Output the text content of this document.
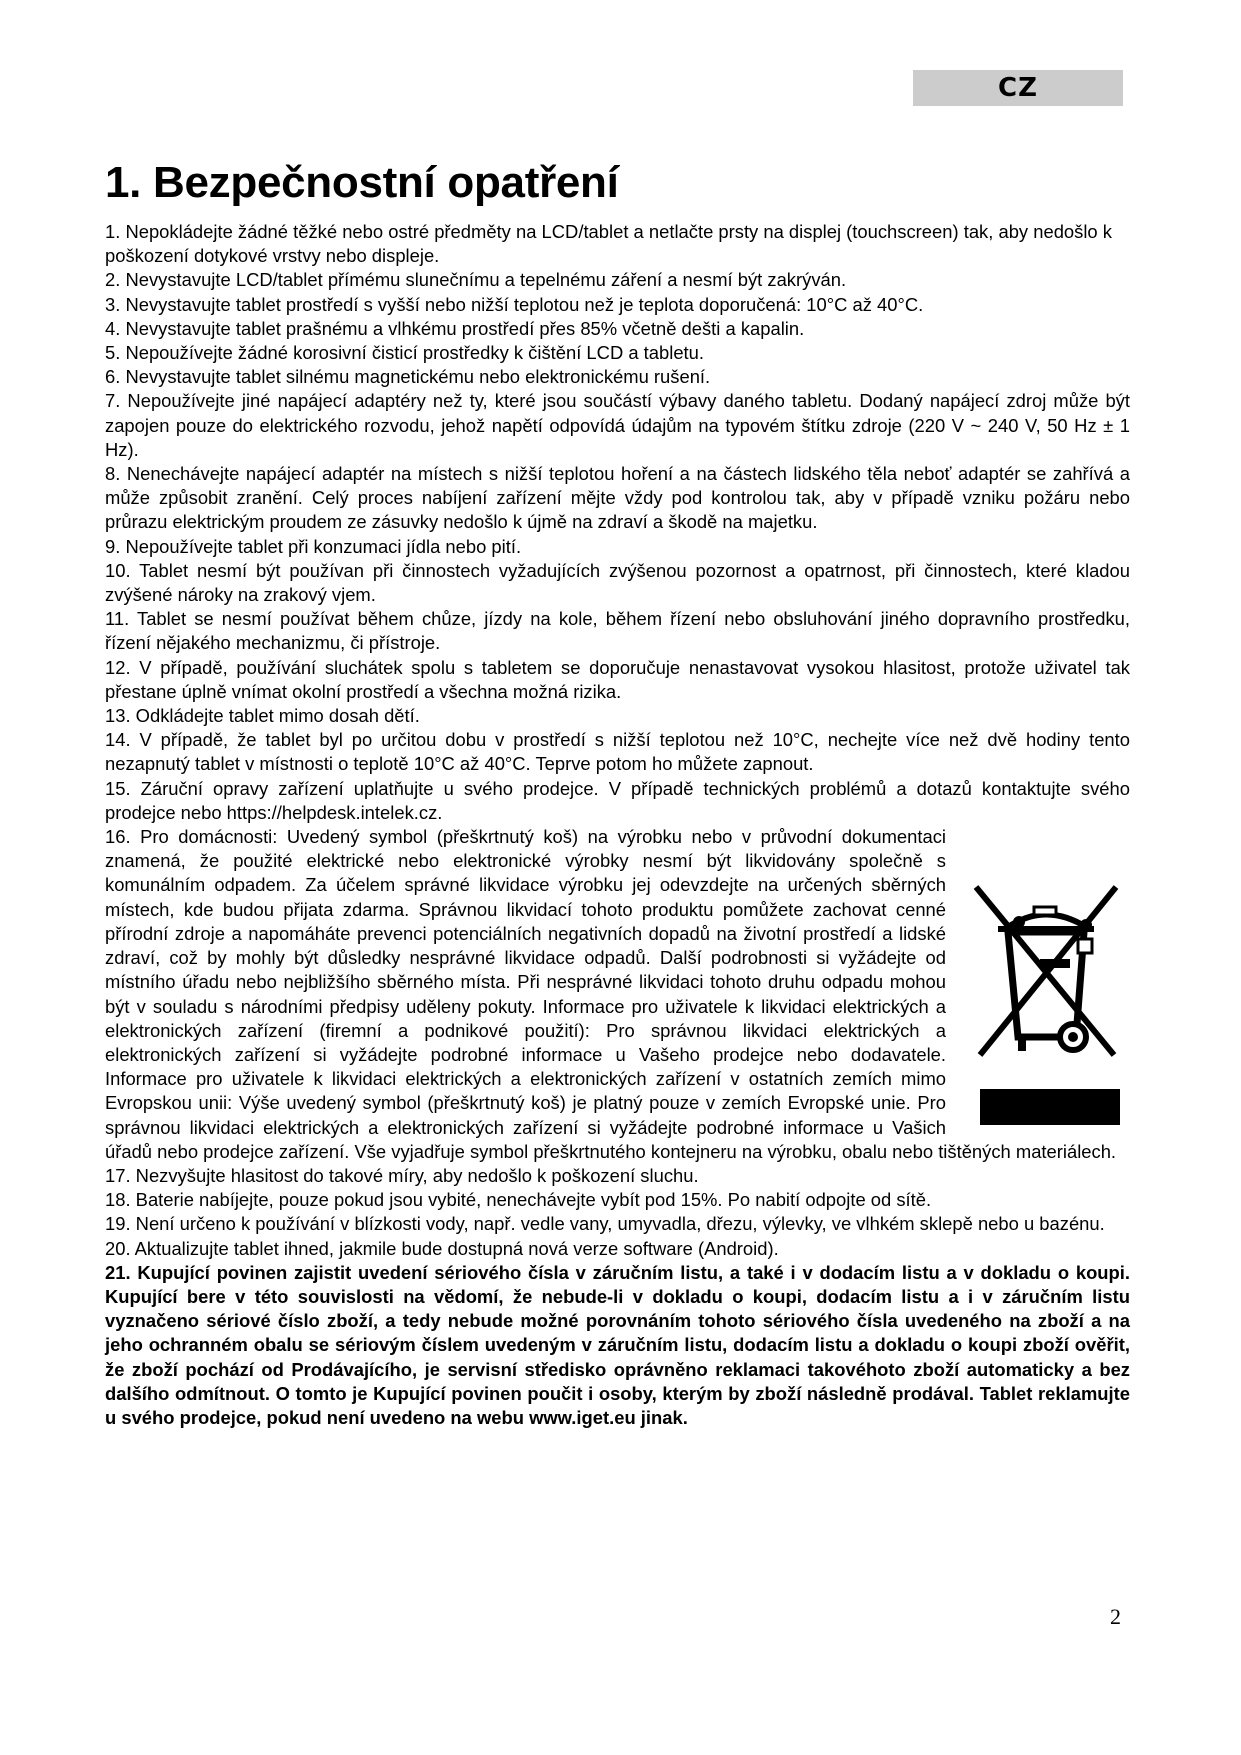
CZ
1. Bezpečnostní opatření

1. Nepokládejte žádné těžké nebo ostré předměty na LCD/tablet a netlačte prsty na displej (touchscreen) tak, aby nedošlo k poškození dotykové vrstvy nebo displeje.

2. Nevystavujte LCD/tablet přímému slunečnímu a tepelnému záření a nesmí být zakrýván.

3. Nevystavujte tablet prostředí s vyšší nebo nižší teplotou než je teplota doporučená: 10°C až 40°C.

4. Nevystavujte tablet prašnému a vlhkému prostředí přes 85% včetně dešti a kapalin.

5. Nepoužívejte žádné korosivní čisticí prostředky k čištění LCD a tabletu.

6. Nevystavujte tablet silnému magnetickému nebo elektronickému rušení.

7. Nepoužívejte jiné napájecí adaptéry než ty, které jsou součástí výbavy daného tabletu. Dodaný napájecí zdroj může být zapojen pouze do elektrického rozvodu, jehož napětí odpovídá údajům na typovém štítku zdroje (220 V ~ 240 V, 50 Hz ± 1 Hz).

8. Nenechávejte napájecí adaptér na místech s nižší teplotou hoření a na částech lidského těla neboť adaptér se zahřívá a může způsobit zranění. Celý proces nabíjení zařízení mějte vždy pod kontrolou tak, aby v případě vzniku požáru nebo průrazu elektrickým proudem ze zásuvky nedošlo k újmě na zdraví a škodě na majetku.

9. Nepoužívejte tablet při konzumaci jídla nebo pití.

10. Tablet nesmí být používan při činnostech vyžadujících zvýšenou pozornost a opatrnost, při činnostech, které kladou zvýšené nároky na zrakový vjem.

11. Tablet se nesmí používat během chůze, jízdy na kole, během řízení nebo obsluhování jiného dopravního prostředku, řízení nějakého mechanizmu, či přístroje.

12. V případě, používání sluchátek spolu s tabletem se doporučuje nenastavovat vysokou hlasitost, protože uživatel tak přestane úplně vnímat okolní prostředí a všechna možná rizika.

13. Odkládejte tablet mimo dosah dětí.

14. V případě, že tablet byl po určitou dobu v prostředí s nižší teplotou než 10°C, nechejte více než dvě hodiny tento nezapnutý tablet v místnosti o teplotě 10°C až 40°C. Teprve potom ho můžete zapnout.

15. Záruční opravy zařízení uplatňujte u svého prodejce. V případě technických problémů a dotazů kontaktujte svého prodejce nebo https://helpdesk.intelek.cz.

16. Pro domácnosti: Uvedený symbol (přeškrtnutý koš) na výrobku nebo v průvodní dokumentaci znamená, že použité elektrické nebo elektronické výrobky nesmí být likvidovány společně s komunálním odpadem. Za účelem správné likvidace výrobku jej odevzdejte na určených sběrných místech, kde budou přijata zdarma. Správnou likvidací tohoto produktu pomůžete zachovat cenné přírodní zdroje a napomáháte prevenci potenciálních negativních dopadů na životní prostředí a lidské zdraví, což by mohly být důsledky nesprávné likvidace odpadů. Další podrobnosti si vyžádejte od místního úřadu nebo nejbližšího sběrného místa. Při nesprávné likvidaci tohoto druhu odpadu mohou být v souladu s národními předpisy uděleny pokuty. Informace pro uživatele k likvidaci elektrických a elektronických zařízení (firemní a podnikové použití): Pro správnou likvidaci elektrických a elektronických zařízení si vyžádejte podrobné informace u Vašeho prodejce nebo dodavatele. Informace pro uživatele k likvidaci elektrických a elektronických zařízení v ostatních zemích mimo Evropskou unii: Výše uvedený symbol (přeškrtnutý koš) je platný pouze v zemích Evropské unie. Pro správnou likvidaci elektrických a elektronických zařízení si vyžádejte podrobné informace u Vašich úřadů nebo prodejce zařízení. Vše vyjadřuje symbol přeškrtnutého kontejneru na výrobku, obalu nebo tištěných materiálech.

17. Nezvyšujte hlasitost do takové míry, aby nedošlo k poškození sluchu.

18. Baterie nabíjejte, pouze pokud jsou vybité, nenechávejte vybít pod 15%. Po nabití odpojte od sítě.

19. Není určeno k používání v blízkosti vody, např. vedle vany, umyvadla, dřezu, výlevky, ve vlhkém sklepě nebo u bazénu.

20. Aktualizujte tablet ihned, jakmile bude dostupná nová verze software (Android).

21. Kupující povinen zajistit uvedení sériového čísla v záručním listu, a také i v dodacím listu a v dokladu o koupi. Kupující bere v této souvislosti na vědomí, že nebude-li v dokladu o koupi, dodacím listu a i v záručním listu vyznačeno sériové číslo zboží, a tedy nebude možné porovnáním tohoto sériového čísla uvedeného na zboží a na jeho ochranném obalu se sériovým číslem uvedeným v záručním listu, dodacím listu a dokladu o koupi zboží ověřit, že zboží pochází od Prodávajícího, je servisní středisko oprávněno reklamaci takovéhoto zboží automaticky a bez dalšího odmítnout. O tomto je Kupující povinen poučit i osoby, kterým by zboží následně prodával. Tablet reklamujte u svého prodejce, pokud není uvedeno na webu www.iget.eu jinak.

2
